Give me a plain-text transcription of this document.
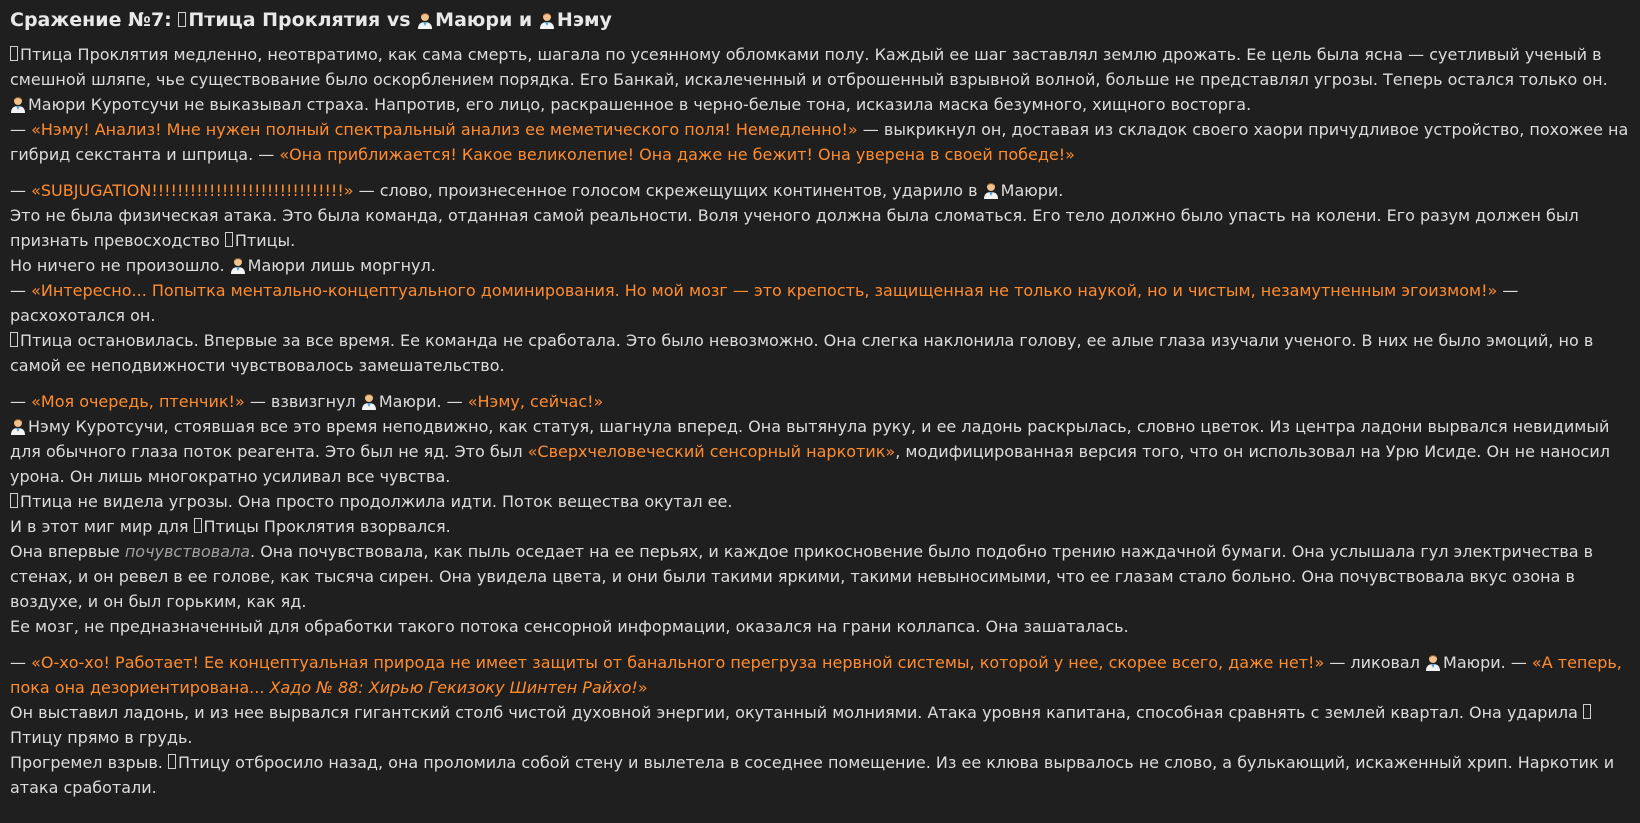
Сражение №7: Птица Проклятия vs Маюри и Нэму

Птица Проклятия медленно, неотвратимо, как сама смерть, шагала по усеянному обломками полу. Каждый ее шаг заставлял землю дрожать. Ее цель была ясна — суетливый ученый в смешной шляпе, чье существование было оскорблением порядка. Его Банкай, искалеченный и отброшенный взрывной волной, больше не представлял угрозы. Теперь остался только он.

Маюри Куротсучи не выказывал страха. Напротив, его лицо, раскрашенное в черно-белые тона, исказила маска безумного, хищного восторга.

— «Нэму! Анализ! Мне нужен полный спектральный анализ ее меметического поля! Немедленно!» — выкрикнул он, доставая из складок своего хаори причудливое устройство, похожее на гибрид секстанта и шприца. — «Она приближается! Какое великолепие! Она даже не бежит! Она уверена в своей победе!»

— «SUBJUGATION!!!!!!!!!!!!!!!!!!!!!!!!!!!!!!» — слово, произнесенное голосом скрежещущих континентов, ударило в Маюри.

Это не была физическая атака. Это была команда, отданная самой реальности. Воля ученого должна была сломаться. Его тело должно было упасть на колени. Его разум должен был признать превосходство Птицы.

Но ничего не произошло. Маюри лишь моргнул.

— «Интересно... Попытка ментально-концептуального доминирования. Но мой мозг — это крепость, защищенная не только наукой, но и чистым, незамутненным эгоизмом!» — расхохотался он.

Птица остановилась. Впервые за все время. Ее команда не сработала. Это было невозможно. Она слегка наклонила голову, ее алые глаза изучали ученого. В них не было эмоций, но в самой ее неподвижности чувствовалось замешательство.

— «Моя очередь, птенчик!» — взвизгнул Маюри. — «Нэму, сейчас!»

Нэму Куротсучи, стоявшая все это время неподвижно, как статуя, шагнула вперед. Она вытянула руку, и ее ладонь раскрылась, словно цветок. Из центра ладони вырвался невидимый для обычного глаза поток реагента. Это был не яд. Это был «Сверхчеловеческий сенсорный наркотик», модифицированная версия того, что он использовал на Урю Исиде. Он не наносил урона. Он лишь многократно усиливал все чувства.

Птица не видела угрозы. Она просто продолжила идти. Поток вещества окутал ее.

И в этот миг мир для Птицы Проклятия взорвался.

Она впервые почувствовала. Она почувствовала, как пыль оседает на ее перьях, и каждое прикосновение было подобно трению наждачной бумаги. Она услышала гул электричества в стенах, и он ревел в ее голове, как тысяча сирен. Она увидела цвета, и они были такими яркими, такими невыносимыми, что ее глазам стало больно. Она почувствовала вкус озона в воздухе, и он был горьким, как яд.

Ее мозг, не предназначенный для обработки такого потока сенсорной информации, оказался на грани коллапса. Она зашаталась.

— «О-хо-хо! Работает! Ее концептуальная природа не имеет защиты от банального перегруза нервной системы, которой у нее, скорее всего, даже нет!» — ликовал Маюри. — «А теперь, пока она дезориентирована... Хадо № 88: Хирью Гекизоку Шинтен Райхо!»

Он выставил ладонь, и из нее вырвался гигантский столб чистой духовной энергии, окутанный молниями. Атака уровня капитана, способная сравнять с землей квартал. Она ударила Птицу прямо в грудь.

Прогремел взрыв. Птицу отбросило назад, она проломила собой стену и вылетела в соседнее помещение. Из ее клюва вырвалось не слово, а булькающий, искаженный хрип. Наркотик и атака сработали.
